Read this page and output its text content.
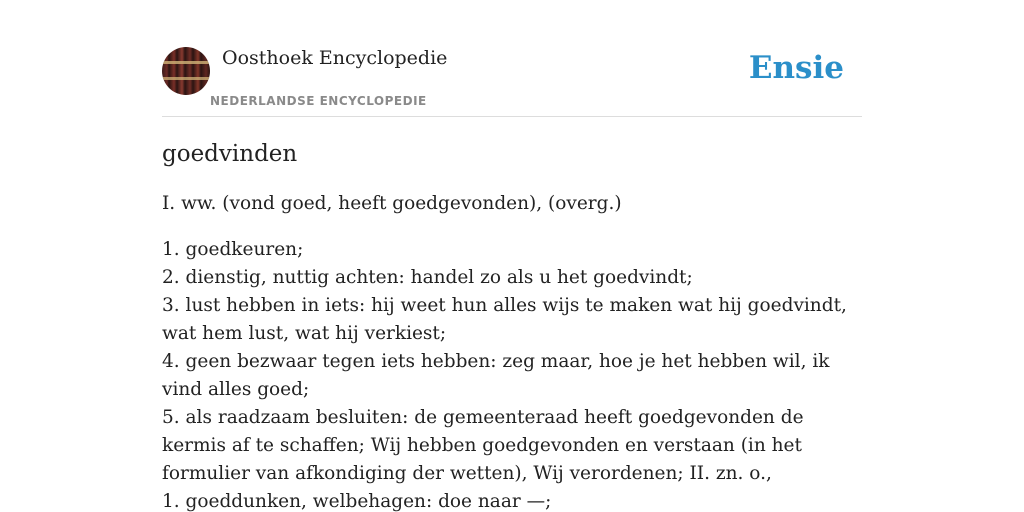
Oosthoek Encyclopedie
NEDERLANDSE ENCYCLOPEDIE
Ensie
goedvinden

I. ww. (vond goed, heeft goedgevonden), (overg.)

1. goedkeuren;
2. dienstig, nuttig achten: handel zo als u het goedvindt;
3. lust hebben in iets: hij weet hun alles wijs te maken wat hij goedvindt, wat hem lust, wat hij verkiest;
4. geen bezwaar tegen iets hebben: zeg maar, hoe je het hebben wil, ik vind alles goed;
5. als raadzaam besluiten: de gemeenteraad heeft goedgevonden de kermis af te schaffen; Wij hebben goedgevonden en verstaan (in het formulier van afkondiging der wetten), Wij verordenen; II. zn. o.,
1. goeddunken, welbehagen: doe naar —;
